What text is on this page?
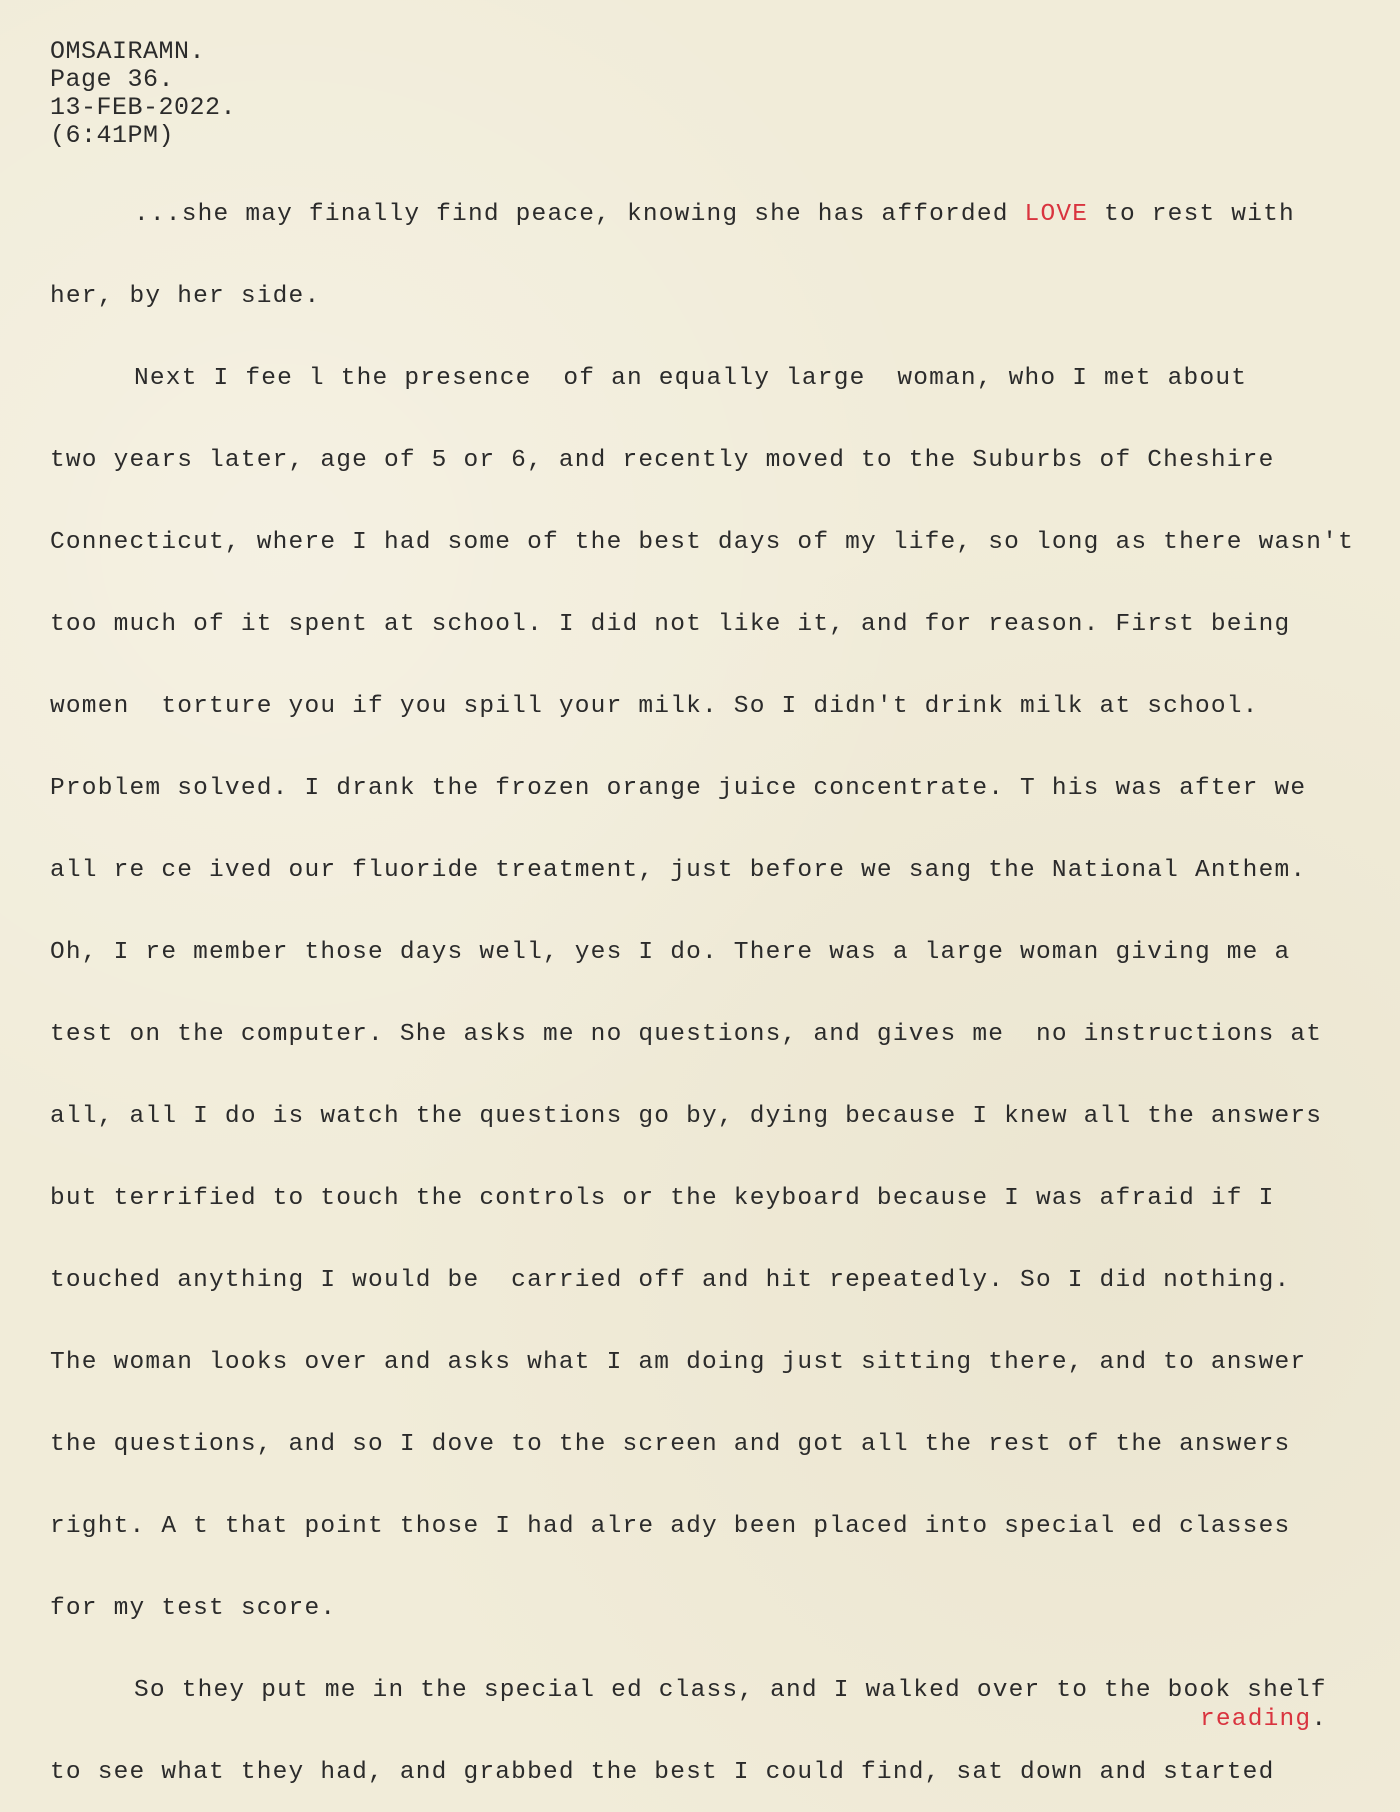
OMSAIRAMN.
Page 36.
13-FEB-2022.
(6:41PM)
...she may finally find peace, knowing she has afforded LOVE to rest with
her, by her side.
Next I fee l the presence  of an equally large  woman, who I met about
two years later, age of 5 or 6, and recently moved to the Suburbs of Cheshire
Connecticut, where I had some of the best days of my life, so long as there wasn't
too much of it spent at school. I did not like it, and for reason. First being
women  torture you if you spill your milk. So I didn't drink milk at school.
Problem solved. I drank the frozen orange juice concentrate. T his was after we
all re ce ived our fluoride treatment, just before we sang the National Anthem.
Oh, I re member those days well, yes I do. There was a large woman giving me a
test on the computer. She asks me no questions, and gives me  no instructions at
all, all I do is watch the questions go by, dying because I knew all the answers
but terrified to touch the controls or the keyboard because I was afraid if I
touched anything I would be  carried off and hit repeatedly. So I did nothing.
The woman looks over and asks what I am doing just sitting there, and to answer
the questions, and so I dove to the screen and got all the rest of the answers
right. A t that point those I had alre ady been placed into special ed classes
for my test score.
So they put me in the special ed class, and I walked over to the book shelf
to see what they had, and grabbed the best I could find, sat down and started
reading.
